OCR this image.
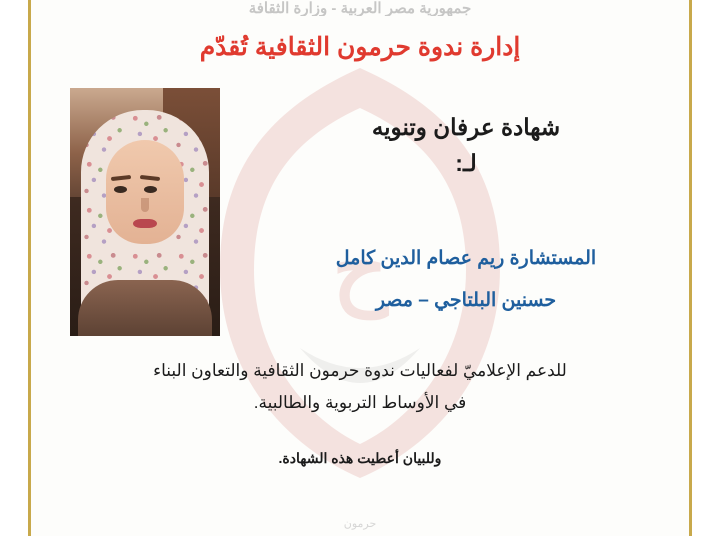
ح
جمهورية مصر العربية - وزارة الثقافة
إدارة ندوة حرمون الثقافية تُقدّم
شهادة عرفان وتنويه
لـ:
المستشارة ريم عصام الدين كامل
حسنين البلتاجي – مصر
للدعم الإعلاميّ لفعاليات ندوة حرمون الثقافية والتعاون البناء
في الأوساط التربوية والطالبية.
وللبيان أعطيت هذه الشهادة.
حرمون
